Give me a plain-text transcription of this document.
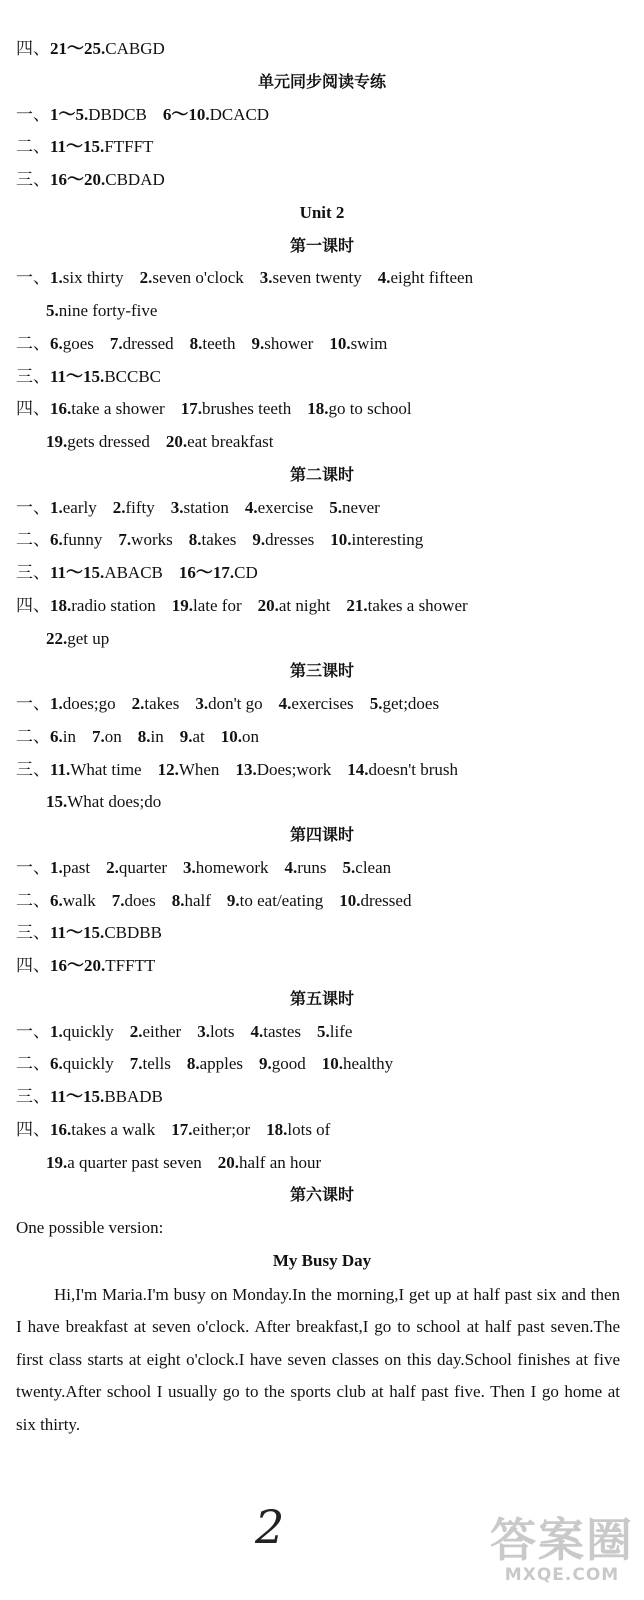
四、21～25.CABGD
单元同步阅读专练
一、1～5.DBDCB 6～10.DCACD
二、11～15.FTFFT
三、16～20.CBDAD
Unit 2
第一课时
一、1.six thirty 2.seven o'clock 3.seven twenty 4.eight fifteen
5.nine forty-five
二、6.goes 7.dressed 8.teeth 9.shower 10.swim
三、11～15.BCCBC
四、16.take a shower 17.brushes teeth 18.go to school
19.gets dressed 20.eat breakfast
第二课时
一、1.early 2.fifty 3.station 4.exercise 5.never
二、6.funny 7.works 8.takes 9.dresses 10.interesting
三、11～15.ABACB 16～17.CD
四、18.radio station 19.late for 20.at night 21.takes a shower
22.get up
第三课时
一、1.does;go 2.takes 3.don't go 4.exercises 5.get;does
二、6.in 7.on 8.in 9.at 10.on
三、11.What time 12.When 13.Does;work 14.doesn't brush
15.What does;do
第四课时
一、1.past 2.quarter 3.homework 4.runs 5.clean
二、6.walk 7.does 8.half 9.to eat/eating 10.dressed
三、11～15.CBDBB
四、16～20.TFFTT
第五课时
一、1.quickly 2.either 3.lots 4.tastes 5.life
二、6.quickly 7.tells 8.apples 9.good 10.healthy
三、11～15.BBADB
四、16.takes a walk 17.either;or 18.lots of
19.a quarter past seven 20.half an hour
第六课时
One possible version:
My Busy Day
Hi,I'm Maria.I'm busy on Monday.In the morning,I get up at half past six and then I have breakfast at seven o'clock. After breakfast,I go to school at half past seven.The first class starts at eight o'clock.I have seven classes on this day.School finishes at five twenty.After school I usually go to the sports club at half past five. Then I go home at six thirty.
2	答案圈
MXQE.COM
